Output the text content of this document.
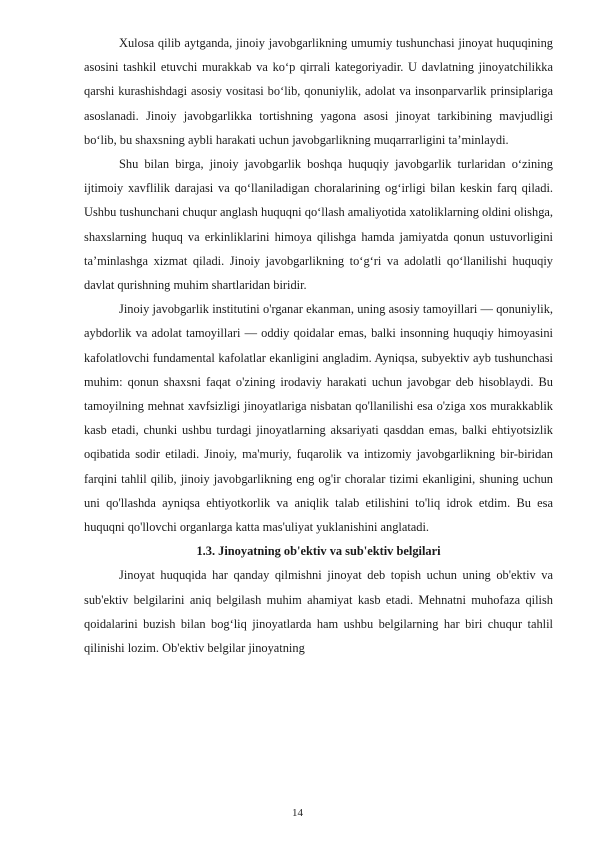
Xulosa qilib aytganda, jinoiy javobgarlikning umumiy tushunchasi jinoyat huquqining asosini tashkil etuvchi murakkab va ko‘p qirrali kategoriyadir. U davlatning jinoyatchilikka qarshi kurashishdagi asosiy vositasi bo‘lib, qonuniylik, adolat va insonparvarlik prinsiplariga asoslanadi. Jinoiy javobgarlikka tortishning yagona asosi jinoyat tarkibining mavjudligi bo‘lib, bu shaxsning aybli harakati uchun javobgarlikning muqarrarligini ta’minlaydi.

Shu bilan birga, jinoiy javobgarlik boshqa huquqiy javobgarlik turlaridan o‘zining ijtimoiy xavflilik darajasi va qo‘llaniladigan choralarining og‘irligi bilan keskin farq qiladi. Ushbu tushunchani chuqur anglash huquqni qo‘llash amaliyotida xatoliklarning oldini olishga, shaxslarning huquq va erkinliklarini himoya qilishga hamda jamiyatda qonun ustuvorligini ta’minlashga xizmat qiladi. Jinoiy javobgarlikning to‘g‘ri va adolatli qo‘llanilishi huquqiy davlat qurishning muhim shartlaridan biridir.

Jinoiy javobgarlik institutini o'rganar ekanman, uning asosiy tamoyillari — qonuniylik, aybdorlik va adolat tamoyillari — oddiy qoidalar emas, balki insonning huquqiy himoyasini kafolatlovchi fundamental kafolatlar ekanligini angladim. Ayniqsa, subyektiv ayb tushunchasi muhim: qonun shaxsni faqat o'zining irodaviy harakati uchun javobgar deb hisoblaydi. Bu tamoyilning mehnat xavfsizligi jinoyatlariga nisbatan qo'llanilishi esa o'ziga xos murakkablik kasb etadi, chunki ushbu turdagi jinoyatlarning aksariyati qasddan emas, balki ehtiyotsizlik oqibatida sodir etiladi. Jinoiy, ma'muriy, fuqarolik va intizomiy javobgarlikning bir-biridan farqini tahlil qilib, jinoiy javobgarlikning eng og'ir choralar tizimi ekanligini, shuning uchun uni qo'llashda ayniqsa ehtiyotkorlik va aniqlik talab etilishini to'liq idrok etdim. Bu esa huquqni qo'llovchi organlarga katta mas'uliyat yuklanishini anglatadi.

1.3. Jinoyatning ob'ektiv va sub'ektiv belgilari

Jinoyat huquqida har qanday qilmishni jinoyat deb topish uchun uning ob'ektiv va sub'ektiv belgilarini aniq belgilash muhim ahamiyat kasb etadi. Mehnatni muhofaza qilish qoidalarini buzish bilan bog‘liq jinoyatlarda ham ushbu belgilarning har biri chuqur tahlil qilinishi lozim. Ob'ektiv belgilar jinoyatning

14
